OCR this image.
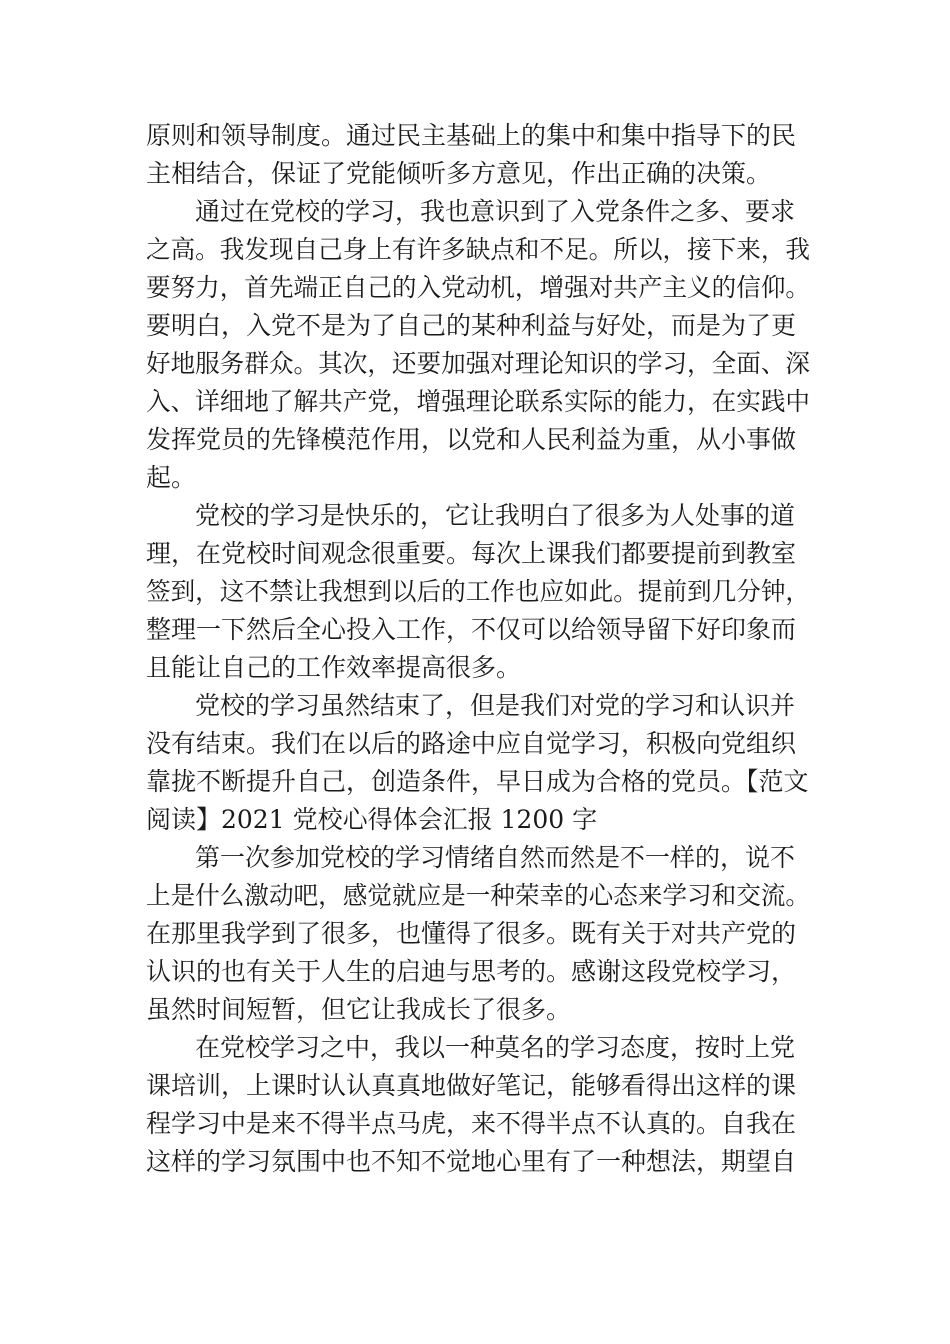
原则和领导制度。通过民主基础上的集中和集中指导下的民
主相结合，保证了党能倾听多方意见，作出正确的决策。
通过在党校的学习，我也意识到了入党条件之多、要求
之高。我发现自己身上有许多缺点和不足。所以，接下来，我
要努力，首先端正自己的入党动机，增强对共产主义的信仰。
要明白，入党不是为了自己的某种利益与好处，而是为了更
好地服务群众。其次，还要加强对理论知识的学习，全面、深
入、详细地了解共产党，增强理论联系实际的能力，在实践中
发挥党员的先锋模范作用，以党和人民利益为重，从小事做
起。
党校的学习是快乐的，它让我明白了很多为人处事的道
理，在党校时间观念很重要。每次上课我们都要提前到教室
签到，这不禁让我想到以后的工作也应如此。提前到几分钟，
整理一下然后全心投入工作，不仅可以给领导留下好印象而
且能让自己的工作效率提高很多。
党校的学习虽然结束了，但是我们对党的学习和认识并
没有结束。我们在以后的路途中应自觉学习，积极向党组织
靠拢不断提升自己，创造条件，早日成为合格的党员。【范文
阅读】2021 党校心得体会汇报 1200 字
第一次参加党校的学习情绪自然而然是不一样的，说不
上是什么激动吧，感觉就应是一种荣幸的心态来学习和交流。
在那里我学到了很多，也懂得了很多。既有关于对共产党的
认识的也有关于人生的启迪与思考的。感谢这段党校学习，
虽然时间短暂，但它让我成长了很多。
在党校学习之中，我以一种莫名的学习态度，按时上党
课培训，上课时认认真真地做好笔记，能够看得出这样的课
程学习中是来不得半点马虎，来不得半点不认真的。自我在
这样的学习氛围中也不知不觉地心里有了一种想法，期望自
